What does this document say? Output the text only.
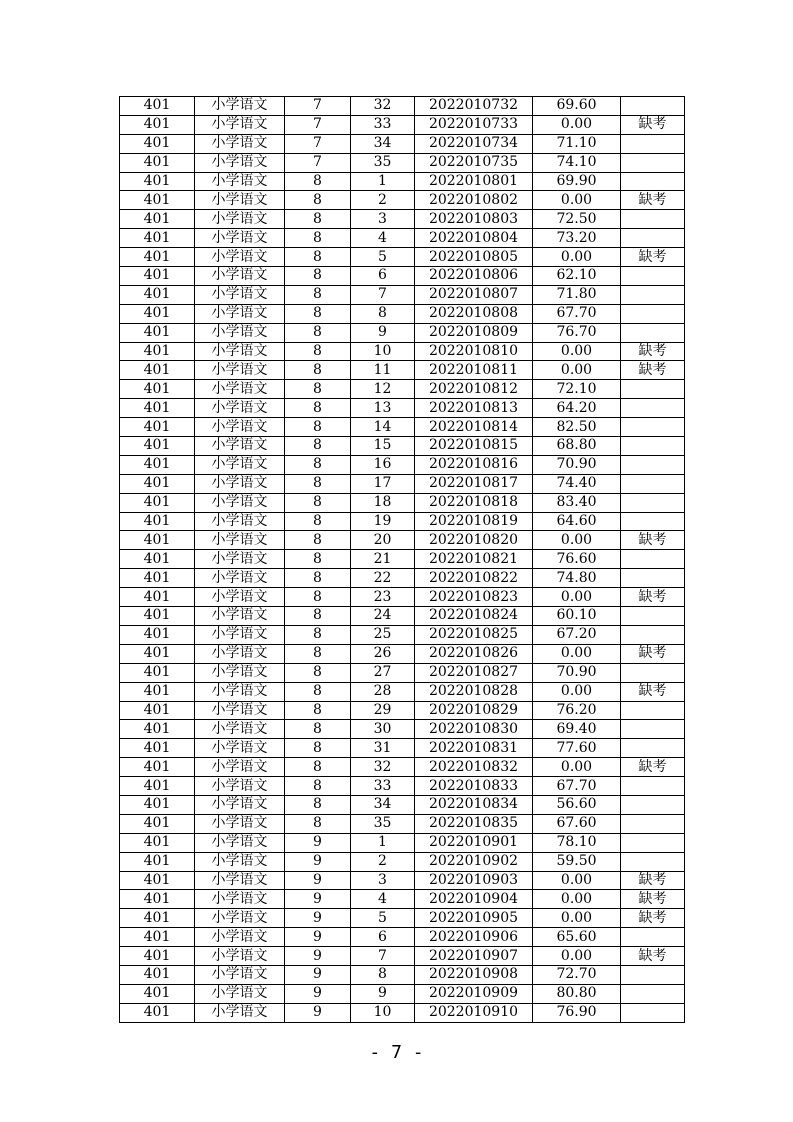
401	小学语文	7	32	2022010732	69.60	
401	小学语文	7	33	2022010733	0.00	缺考
401	小学语文	7	34	2022010734	71.10	
401	小学语文	7	35	2022010735	74.10	
401	小学语文	8	1	2022010801	69.90	
401	小学语文	8	2	2022010802	0.00	缺考
401	小学语文	8	3	2022010803	72.50	
401	小学语文	8	4	2022010804	73.20	
401	小学语文	8	5	2022010805	0.00	缺考
401	小学语文	8	6	2022010806	62.10	
401	小学语文	8	7	2022010807	71.80	
401	小学语文	8	8	2022010808	67.70	
401	小学语文	8	9	2022010809	76.70	
401	小学语文	8	10	2022010810	0.00	缺考
401	小学语文	8	11	2022010811	0.00	缺考
401	小学语文	8	12	2022010812	72.10	
401	小学语文	8	13	2022010813	64.20	
401	小学语文	8	14	2022010814	82.50	
401	小学语文	8	15	2022010815	68.80	
401	小学语文	8	16	2022010816	70.90	
401	小学语文	8	17	2022010817	74.40	
401	小学语文	8	18	2022010818	83.40	
401	小学语文	8	19	2022010819	64.60	
401	小学语文	8	20	2022010820	0.00	缺考
401	小学语文	8	21	2022010821	76.60	
401	小学语文	8	22	2022010822	74.80	
401	小学语文	8	23	2022010823	0.00	缺考
401	小学语文	8	24	2022010824	60.10	
401	小学语文	8	25	2022010825	67.20	
401	小学语文	8	26	2022010826	0.00	缺考
401	小学语文	8	27	2022010827	70.90	
401	小学语文	8	28	2022010828	0.00	缺考
401	小学语文	8	29	2022010829	76.20	
401	小学语文	8	30	2022010830	69.40	
401	小学语文	8	31	2022010831	77.60	
401	小学语文	8	32	2022010832	0.00	缺考
401	小学语文	8	33	2022010833	67.70	
401	小学语文	8	34	2022010834	56.60	
401	小学语文	8	35	2022010835	67.60	
401	小学语文	9	1	2022010901	78.10	
401	小学语文	9	2	2022010902	59.50	
401	小学语文	9	3	2022010903	0.00	缺考
401	小学语文	9	4	2022010904	0.00	缺考
401	小学语文	9	5	2022010905	0.00	缺考
401	小学语文	9	6	2022010906	65.60	
401	小学语文	9	7	2022010907	0.00	缺考
401	小学语文	9	8	2022010908	72.70	
401	小学语文	9	9	2022010909	80.80	
401	小学语文	9	10	2022010910	76.90	
- 7 -
